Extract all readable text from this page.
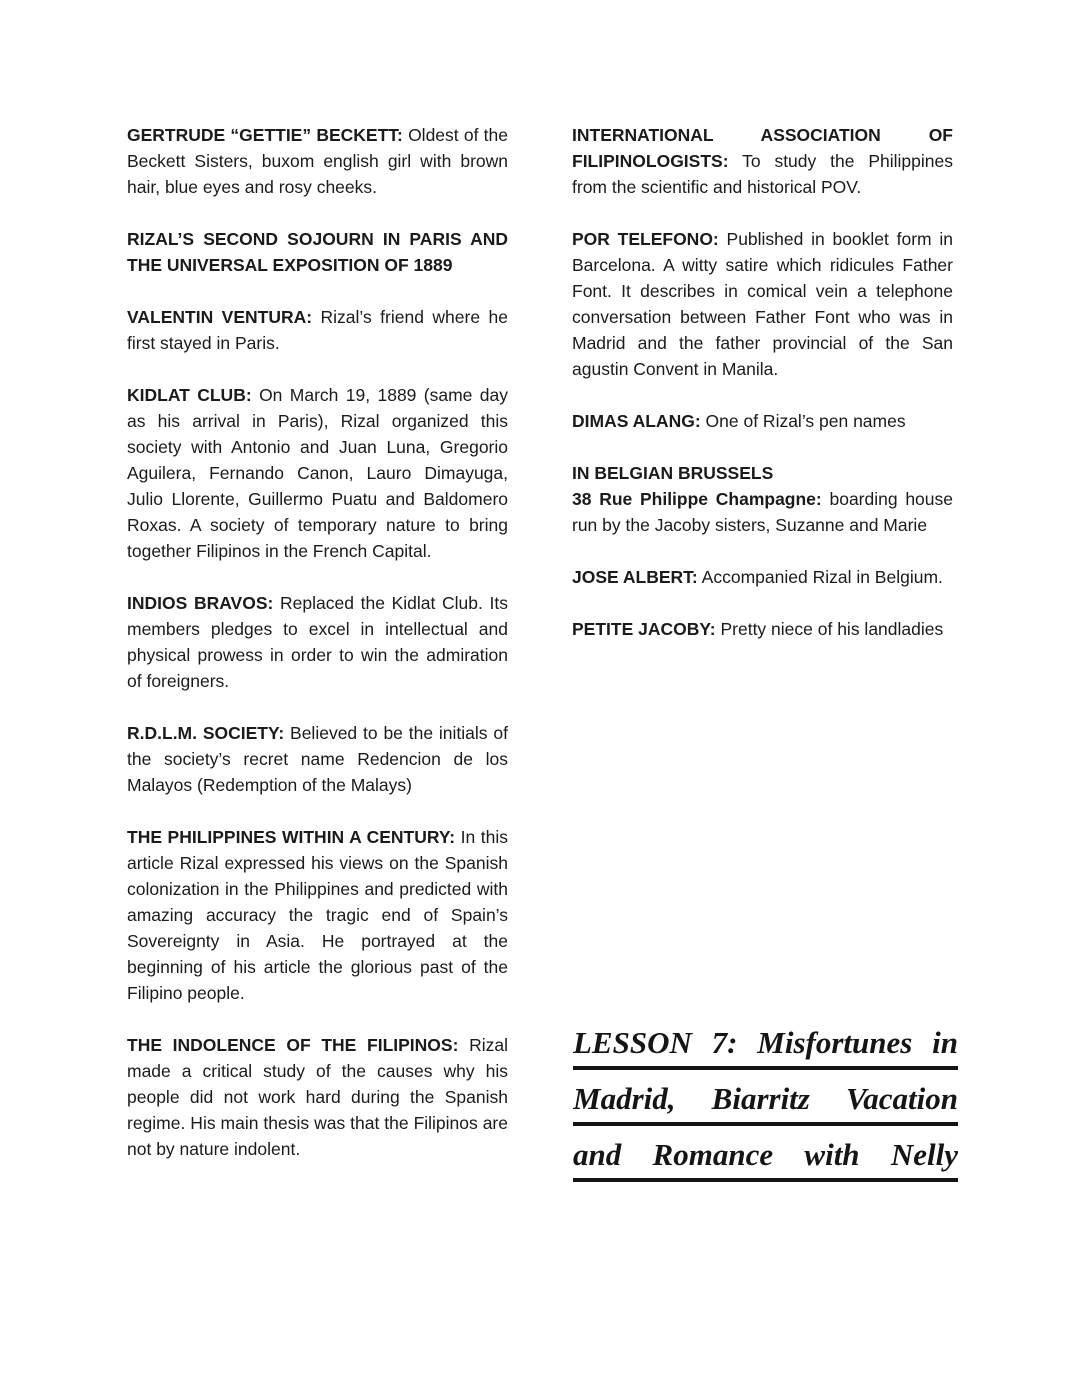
GERTRUDE “GETTIE” BECKETT: Oldest of the Beckett Sisters, buxom english girl with brown hair, blue eyes and rosy cheeks.

RIZAL’S SECOND SOJOURN IN PARIS AND THE UNIVERSAL EXPOSITION OF 1889

VALENTIN VENTURA: Rizal’s friend where he first stayed in Paris.

KIDLAT CLUB: On March 19, 1889 (same day as his arrival in Paris), Rizal organized this society with Antonio and Juan Luna, Gregorio Aguilera, Fernando Canon, Lauro Dimayuga, Julio Llorente, Guillermo Puatu and Baldomero Roxas. A society of temporary nature to bring together Filipinos in the French Capital.

INDIOS BRAVOS: Replaced the Kidlat Club. Its members pledges to excel in intellectual and physical prowess in order to win the admiration of foreigners.

R.D.L.M. SOCIETY: Believed to be the initials of the society’s recret name Redencion de los Malayos (Redemption of the Malays)

THE PHILIPPINES WITHIN A CENTURY: In this article Rizal expressed his views on the Spanish colonization in the Philippines and predicted with amazing accuracy the tragic end of Spain’s Sovereignty in Asia. He portrayed at the beginning of his article the glorious past of the Filipino people.

THE INDOLENCE OF THE FILIPINOS: Rizal made a critical study of the causes why his people did not work hard during the Spanish regime. His main thesis was that the Filipinos are not by nature indolent.

INTERNATIONAL ASSOCIATION OF FILIPINOLOGISTS: To study the Philippines from the scientific and historical POV.

POR TELEFONO: Published in booklet form in Barcelona. A witty satire which ridicules Father Font. It describes in comical vein a telephone conversation between Father Font who was in Madrid and the father provincial of the San agustin Convent in Manila.

DIMAS ALANG: One of Rizal’s pen names

IN BELGIAN BRUSSELS
38 Rue Philippe Champagne: boarding house run by the Jacoby sisters, Suzanne and Marie

JOSE ALBERT: Accompanied Rizal in Belgium.

PETITE JACOBY: Pretty niece of his landladies

LESSON 7: Misfortunes in
Madrid, Biarritz Vacation
and Romance with Nelly
